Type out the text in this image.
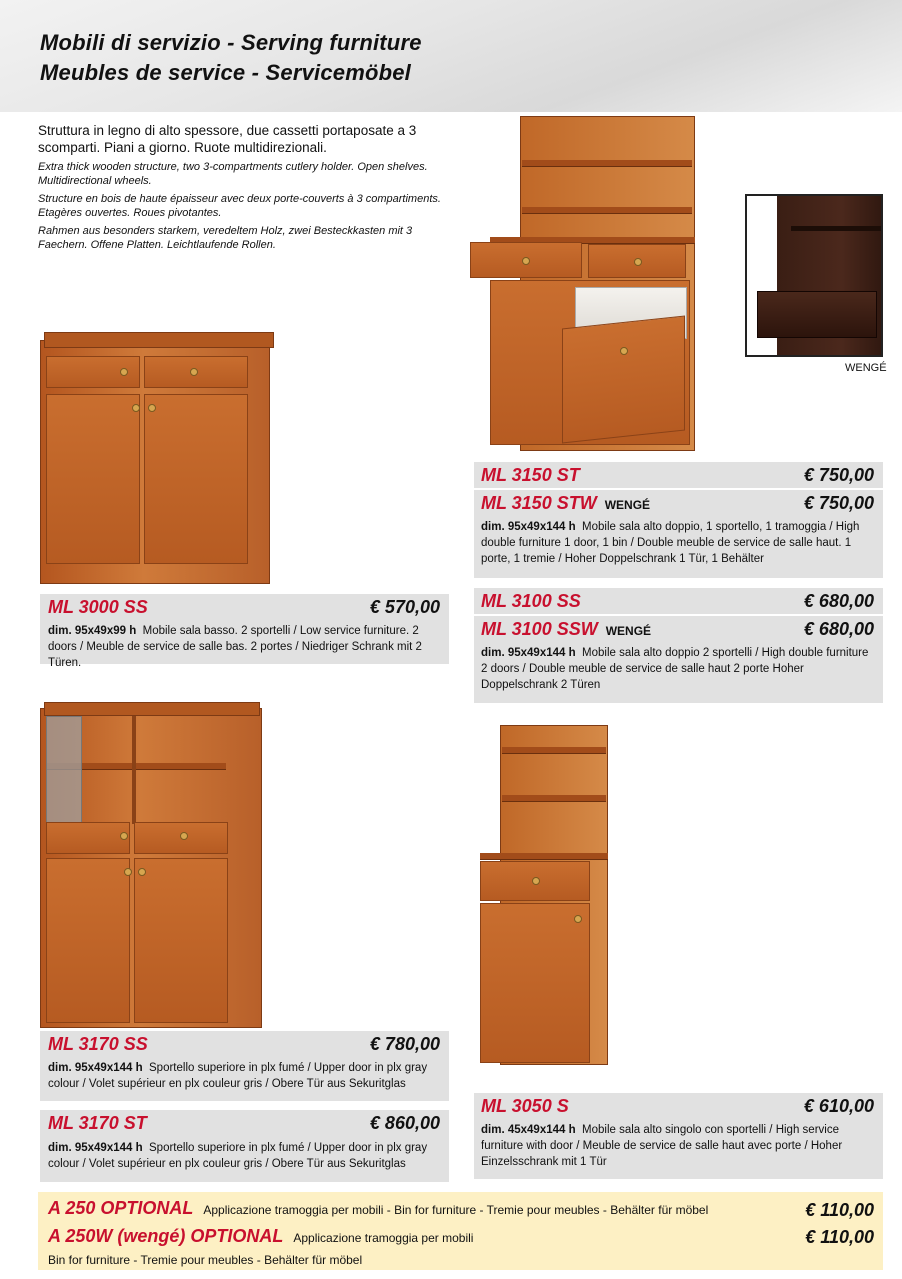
Mobili di servizio - Serving furniture
Meubles de service - Servicemöbel

Struttura in legno di alto spessore, due cassetti portaposate a 3 scomparti. Piani a giorno. Ruote multidirezionali.

Extra thick wooden structure, two 3-compartments cutlery holder. Open shelves. Multidirectional wheels.

Structure en bois de haute épaisseur avec deux porte-couverts à 3 compartiments. Etagères ouvertes. Roues pivotantes.

Rahmen aus besonders starkem, veredeltem Holz, zwei Besteckkasten mit 3 Faechern. Offene Platten. Leichtlaufende Rollen.

WENGÉ
ML 3150 ST	€ 750,00
ML 3150 STW WENGÉ	€ 750,00
dim. 95x49x144 h Mobile sala alto doppio, 1 sportello, 1 tramoggia / High double furniture 1 door, 1 bin / Double meuble de service de salle haut. 1 porte, 1 tremie / Hoher Doppelschrank 1 Tür, 1 Behälter
ML 3000 SS	€ 570,00
dim. 95x49x99 h Mobile sala basso. 2 sportelli / Low service furniture. 2 doors / Meuble de service de salle bas. 2 portes / Niedriger Schrank mit 2 Türen.
ML 3100 SS	€ 680,00
ML 3100 SSW WENGÉ	€ 680,00
dim. 95x49x144 h Mobile sala alto doppio 2 sportelli / High double furniture 2 doors / Double meuble de service de salle haut 2 porte Hoher Doppelschrank 2 Türen
ML 3170 SS	€ 780,00
dim. 95x49x144 h Sportello superiore in plx fumé / Upper door in plx gray colour / Volet supérieur en plx couleur gris / Obere Tür aus Sekuritglas
ML 3170 ST	€ 860,00
dim. 95x49x144 h Sportello superiore in plx fumé / Upper door in plx gray colour / Volet supérieur en plx couleur gris / Obere Tür aus Sekuritglas
ML 3050 S	€ 610,00
dim. 45x49x144 h Mobile sala alto singolo con sportelli / High service furniture with door / Meuble de service de salle haut avec porte / Hoher Einzelsschrank mit 1 Tür
A 250 OPTIONAL Applicazione tramoggia per mobili - Bin for furniture - Tremie pour meubles - Behälter für möbel	€ 110,00
A 250W (wengé) OPTIONAL Applicazione tramoggia per mobili	€ 110,00
Bin for furniture - Tremie pour meubles - Behälter für möbel
